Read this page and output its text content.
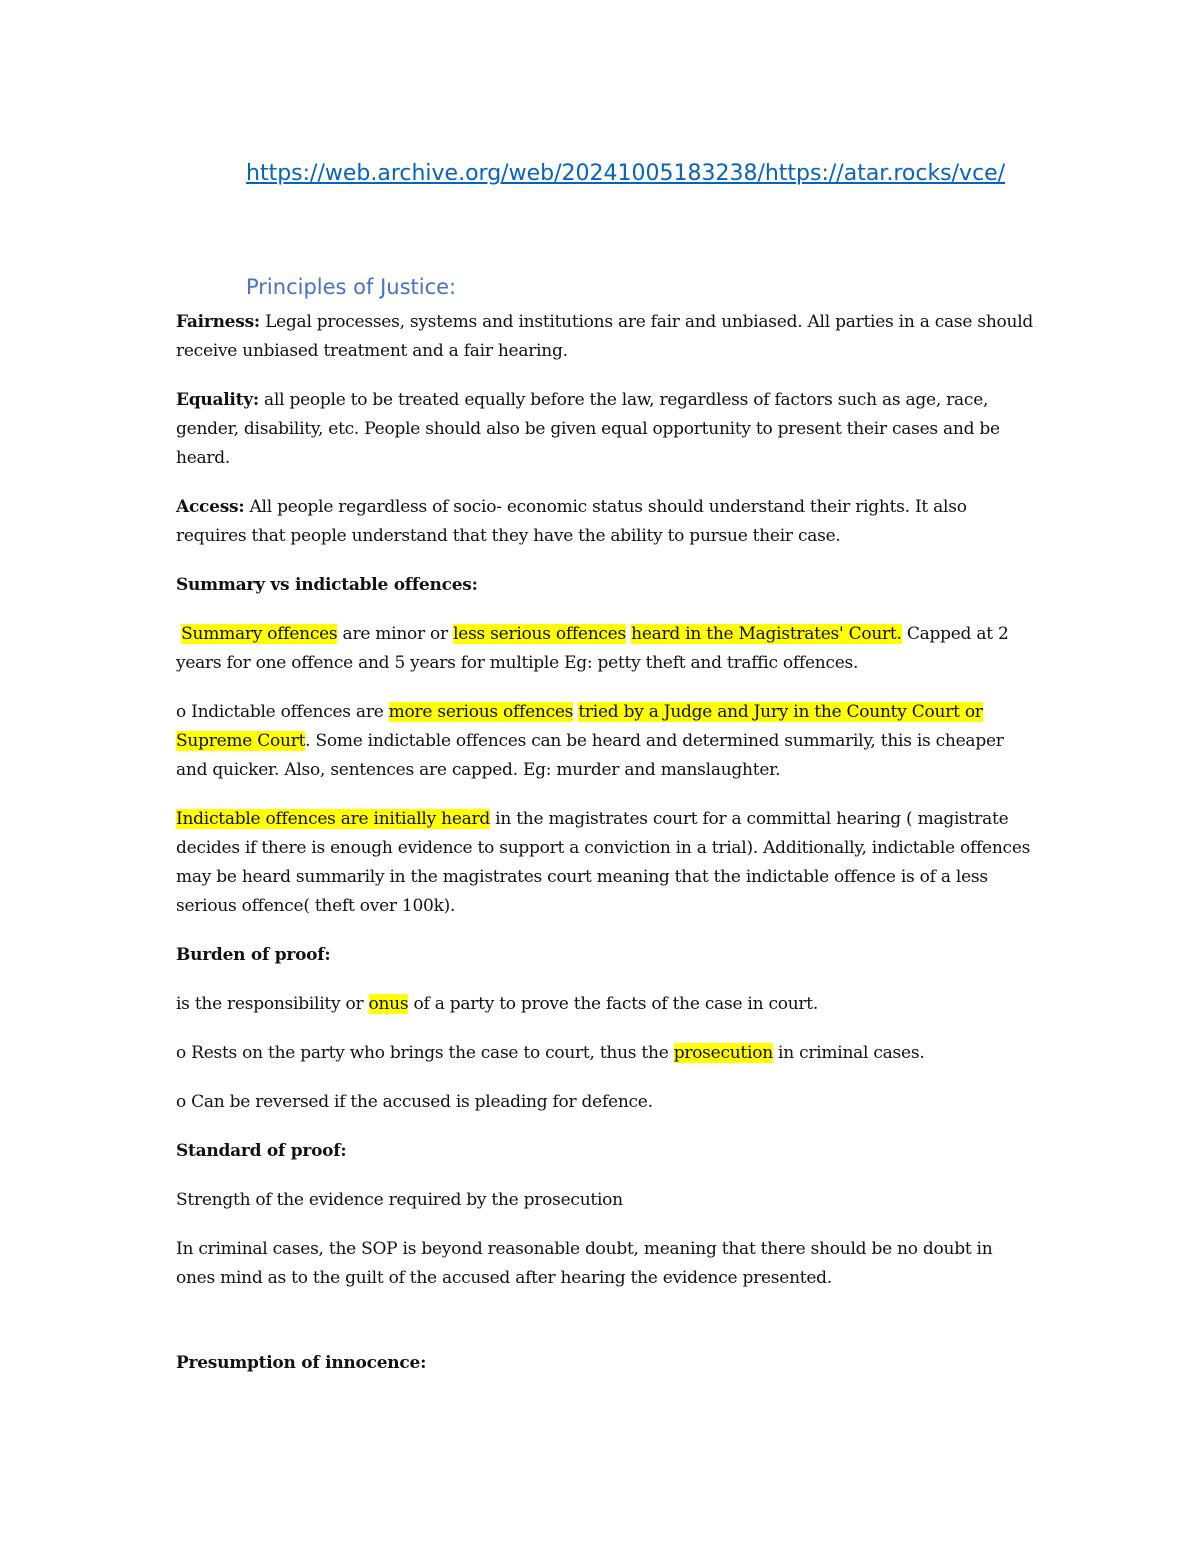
https://web.archive.org/web/20241005183238/https://atar.rocks/vce/
Principles of Justice:

Fairness: Legal processes, systems and institutions are fair and unbiased. All parties in a case should receive unbiased treatment and a fair hearing.

Equality: all people to be treated equally before the law, regardless of factors such as age, race, gender, disability, etc. People should also be given equal opportunity to present their cases and be heard.

Access: All people regardless of socio- economic status should understand their rights. It also requires that people understand that they have the ability to pursue their case.

Summary vs indictable offences:

Summary offences are minor or less serious offences heard in the Magistrates' Court. Capped at 2 years for one offence and 5 years for multiple Eg: petty theft and traffic offences.

o Indictable offences are more serious offences tried by a Judge and Jury in the County Court or Supreme Court. Some indictable offences can be heard and determined summarily, this is cheaper and quicker. Also, sentences are capped. Eg: murder and manslaughter.

Indictable offences are initially heard in the magistrates court for a committal hearing ( magistrate decides if there is enough evidence to support a conviction in a trial). Additionally, indictable offences may be heard summarily in the magistrates court meaning that the indictable offence is of a less serious offence( theft over 100k).

Burden of proof:

is the responsibility or onus of a party to prove the facts of the case in court.

o Rests on the party who brings the case to court, thus the prosecution in criminal cases.

o Can be reversed if the accused is pleading for defence.

Standard of proof:

Strength of the evidence required by the prosecution

In criminal cases, the SOP is beyond reasonable doubt, meaning that there should be no doubt in ones mind as to the guilt of the accused after hearing the evidence presented.

Presumption of innocence:
